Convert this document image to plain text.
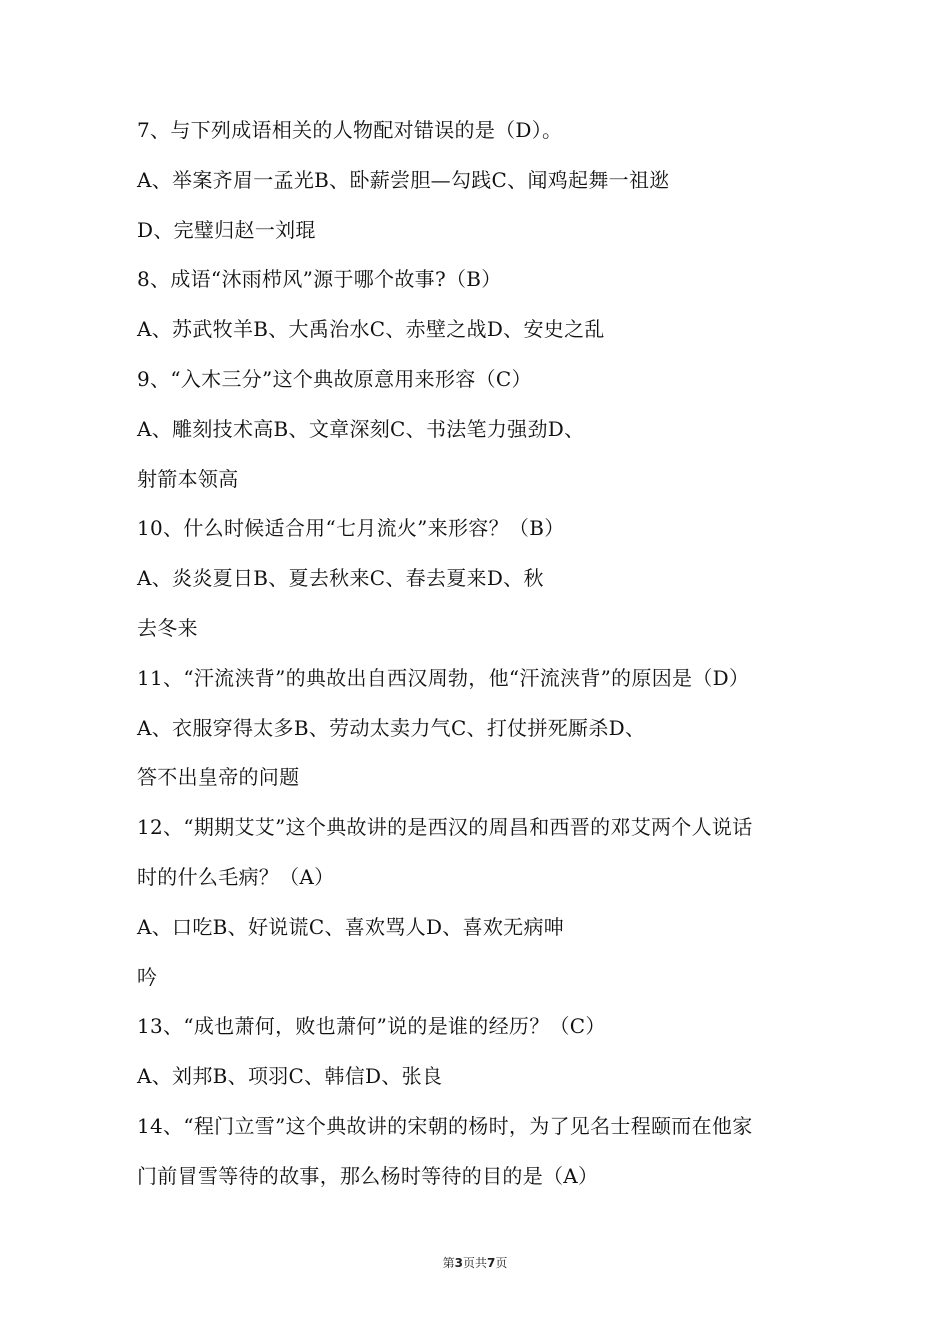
7、与下列成语相关的人物配对错误的是（D）。
A、举案齐眉一孟光B、卧薪尝胆—勾践C、闻鸡起舞一祖逖
D、完璧归赵一刘琨
8、成语“沐雨栉风”源于哪个故事?（B）
A、苏武牧羊B、大禹治水C、赤壁之战D、安史之乱
9、“入木三分”这个典故原意用来形容（C）
A、雕刻技术高B、文章深刻C、书法笔力强劲D、
射箭本领高
10、什么时候适合用“七月流火”来形容？（B）
A、炎炎夏日B、夏去秋来C、春去夏来D、秋
去冬来
11、“汗流浃背”的典故出自西汉周勃，他“汗流浃背”的原因是（D）
A、衣服穿得太多B、劳动太卖力气C、打仗拼死厮杀D、
答不出皇帝的问题
12、“期期艾艾”这个典故讲的是西汉的周昌和西晋的邓艾两个人说话
时的什么毛病？（A）
A、口吃B、好说谎C、喜欢骂人D、喜欢无病呻
吟
13、“成也萧何，败也萧何”说的是谁的经历？（C）
A、刘邦B、项羽C、韩信D、张良
14、“程门立雪”这个典故讲的宋朝的杨时，为了见名士程颐而在他家
门前冒雪等待的故事，那么杨时等待的目的是（A）
第3页共7页
